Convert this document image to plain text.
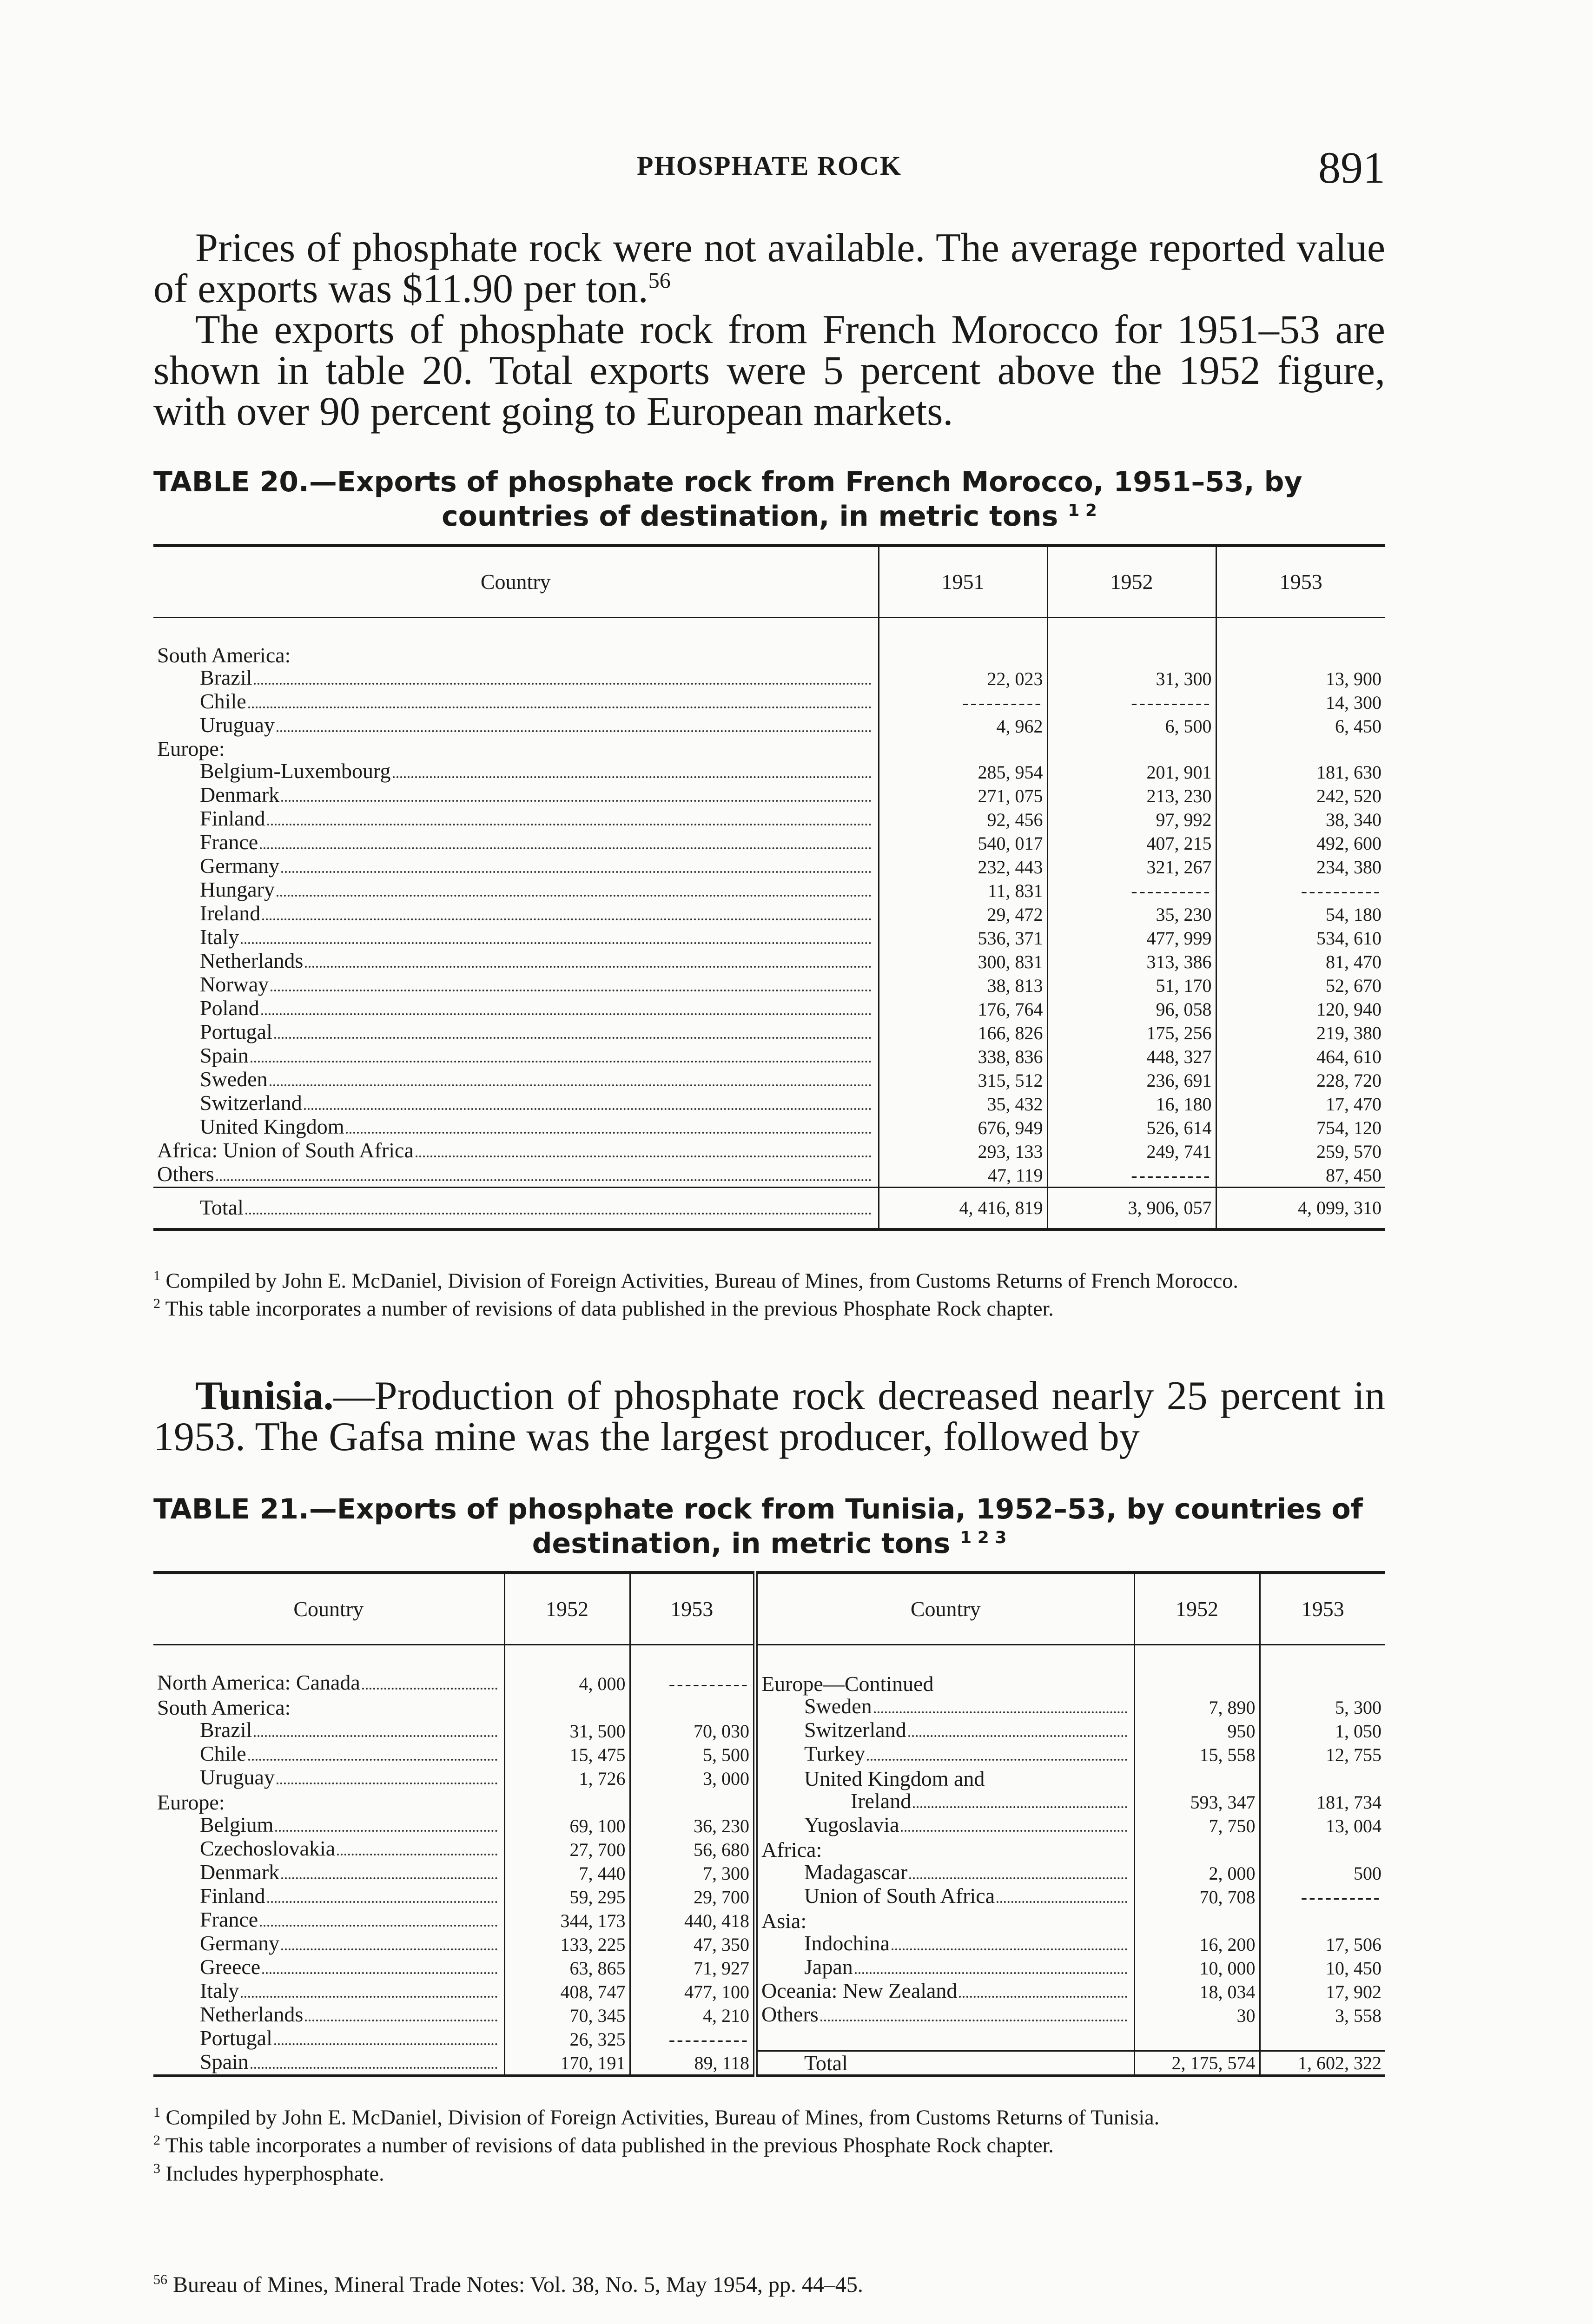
PHOSPHATE ROCK	891

Prices of phosphate rock were not available. The average reported value of exports was $11.90 per ton.$^{56}$

The exports of phosphate rock from French Morocco for 1951–53 are shown in table 20. Total exports were 5 percent above the 1952 figure, with over 90 percent going to European markets.

TABLE 20.—Exports of phosphate rock from French Morocco, 1951–53, by
countries of destination, in metric tons $^{1 2}$
Country	1951	1952	1953

South America:			

Brazil	22, 023	31, 300	13, 900

Chile	----------	----------	14, 300

Uruguay	4, 962	6, 500	6, 450
Europe:			

Belgium-Luxembourg	285, 954	201, 901	181, 630

Denmark	271, 075	213, 230	242, 520

Finland	92, 456	97, 992	38, 340

France	540, 017	407, 215	492, 600

Germany	232, 443	321, 267	234, 380

Hungary	11, 831	----------	----------

Ireland	29, 472	35, 230	54, 180

Italy	536, 371	477, 999	534, 610

Netherlands	300, 831	313, 386	81, 470

Norway	38, 813	51, 170	52, 670

Poland	176, 764	96, 058	120, 940

Portugal	166, 826	175, 256	219, 380

Spain	338, 836	448, 327	464, 610

Sweden	315, 512	236, 691	228, 720

Switzerland	35, 432	16, 180	17, 470

United Kingdom	676, 949	526, 614	754, 120

Africa: Union of South Africa	293, 133	249, 741	259, 570

Others	47, 119	----------	87, 450

Total	4, 416, 819	3, 906, 057	4, 099, 310

$^1$ Compiled by John E. McDaniel, Division of Foreign Activities, Bureau of Mines, from Customs Returns of French Morocco.

$^2$ This table incorporates a number of revisions of data published in the previous Phosphate Rock chapter.

Tunisia.—Production of phosphate rock decreased nearly 25 percent in 1953. The Gafsa mine was the largest producer, followed by

TABLE 21.—Exports of phosphate rock from Tunisia, 1952–53, by countries of
destination, in metric tons $^{1 2 3}$
Country	1952	1953	Country	1952	1953

North America: Canada	4, 000	----------	Europe—Continued		
South America:			Sweden	7, 890	5, 300

Brazil	31, 500	70, 030	Switzerland	950	1, 050

Chile	15, 475	5, 500	Turkey	15, 558	12, 755

Uruguay	1, 726	3, 000	United Kingdom and		
Europe:			Ireland	593, 347	181, 734

Belgium	69, 100	36, 230	Yugoslavia	7, 750	13, 004

Czechoslovakia	27, 700	56, 680	Africa:		

Denmark	7, 440	7, 300	Madagascar	2, 000	500

Finland	59, 295	29, 700	Union of South Africa	70, 708	----------

France	344, 173	440, 418	Asia:		

Germany	133, 225	47, 350	Indochina	16, 200	17, 506

Greece	63, 865	71, 927	Japan	10, 000	10, 450

Italy	408, 747	477, 100	Oceania: New Zealand	18, 034	17, 902

Netherlands	70, 345	4, 210	Others	30	3, 558

Portugal	26, 325	----------			

Spain	170, 191	89, 118	Total	2, 175, 574	1, 602, 322

$^1$ Compiled by John E. McDaniel, Division of Foreign Activities, Bureau of Mines, from Customs Returns of Tunisia.

$^2$ This table incorporates a number of revisions of data published in the previous Phosphate Rock chapter.

$^3$ Includes hyperphosphate.

$^{56}$ Bureau of Mines, Mineral Trade Notes: Vol. 38, No. 5, May 1954, pp. 44–45.
